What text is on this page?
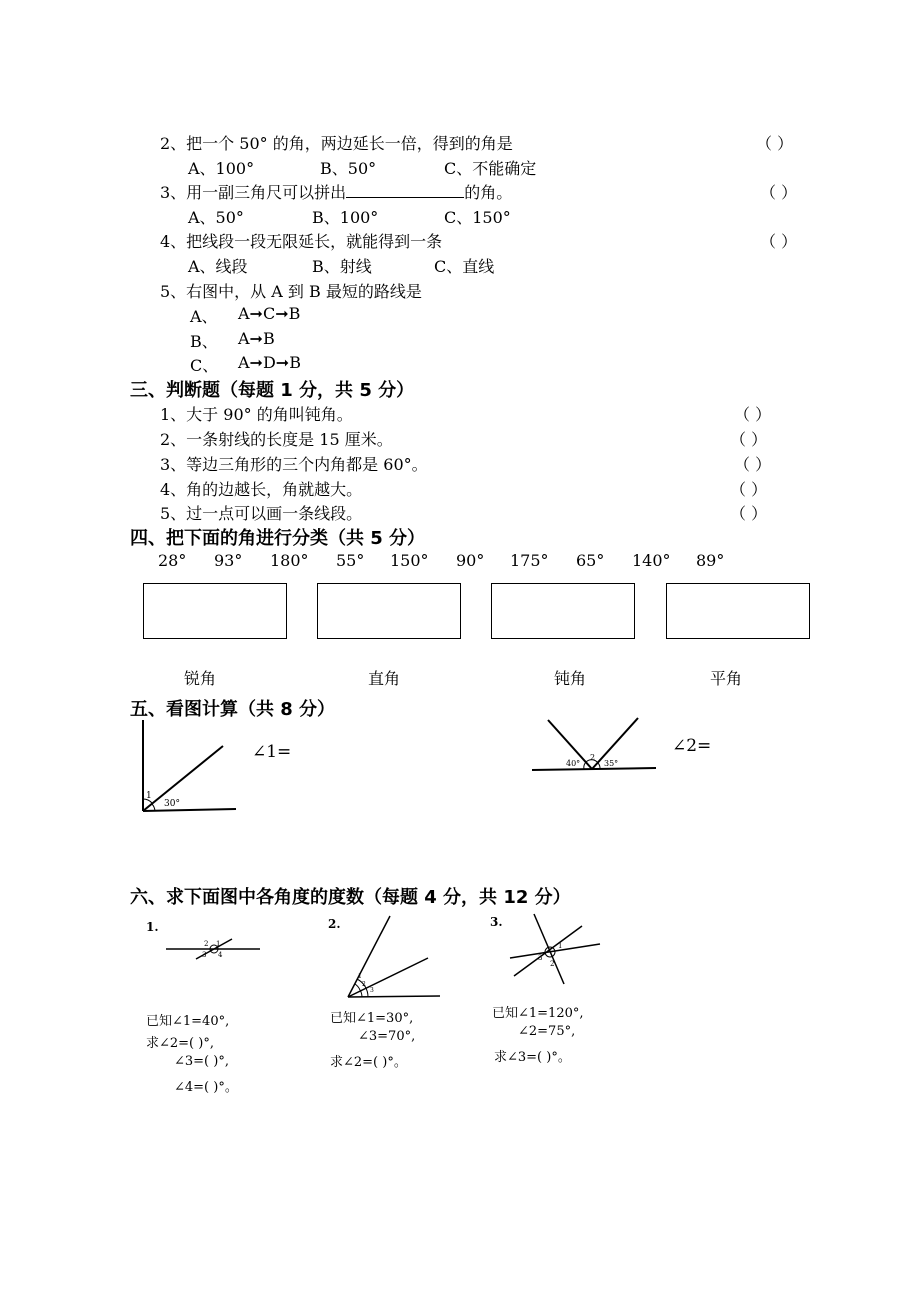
2、把一个 50° 的角，两边延长一倍，得到的角是	（ ）
A、100°	B、50°	C、不能确定
3、用一副三角尺可以拼出	的角。	（ ）
A、50°	B、100°	C、150°
4、把线段一段无限延长，就能得到一条	（ ）
A、线段	B、射线	C、直线
5、右图中，从 A 到 B 最短的路线是
A、 A➞C➞B
B、 A➞B
C、 A➞D➞B
三、判断题（每题 1 分，共 5 分）
1、大于 90° 的角叫钝角。	（ ）
2、一条射线的长度是 15 厘米。	（ ）
3、等边三角形的三个内角都是 60°。	（ ）
4、角的边越长，角就越大。	（ ）
5、过一点可以画一条线段。	（ ）
四、把下面的角进行分类（共 5 分）
28° 93° 180° 55° 150° 90° 175° 65° 140° 89°
锐角	直角	钝角	平角
五、看图计算（共 8 分）
1
30°
∠1=
40°
2
35°
∠2=
六、求下面图中各角度的度数（每题 4 分，共 12 分）
1.
1
2
3 4
已知∠1=40°,
求∠2=( )°,
∠3=( )°,
∠4=( )°。
2.
3
2
1
已知∠1=30°,
∠3=70°,
求∠2=( )°。
3.
1
2
3
已知∠1=120°,
∠2=75°,
求∠3=( )°。
